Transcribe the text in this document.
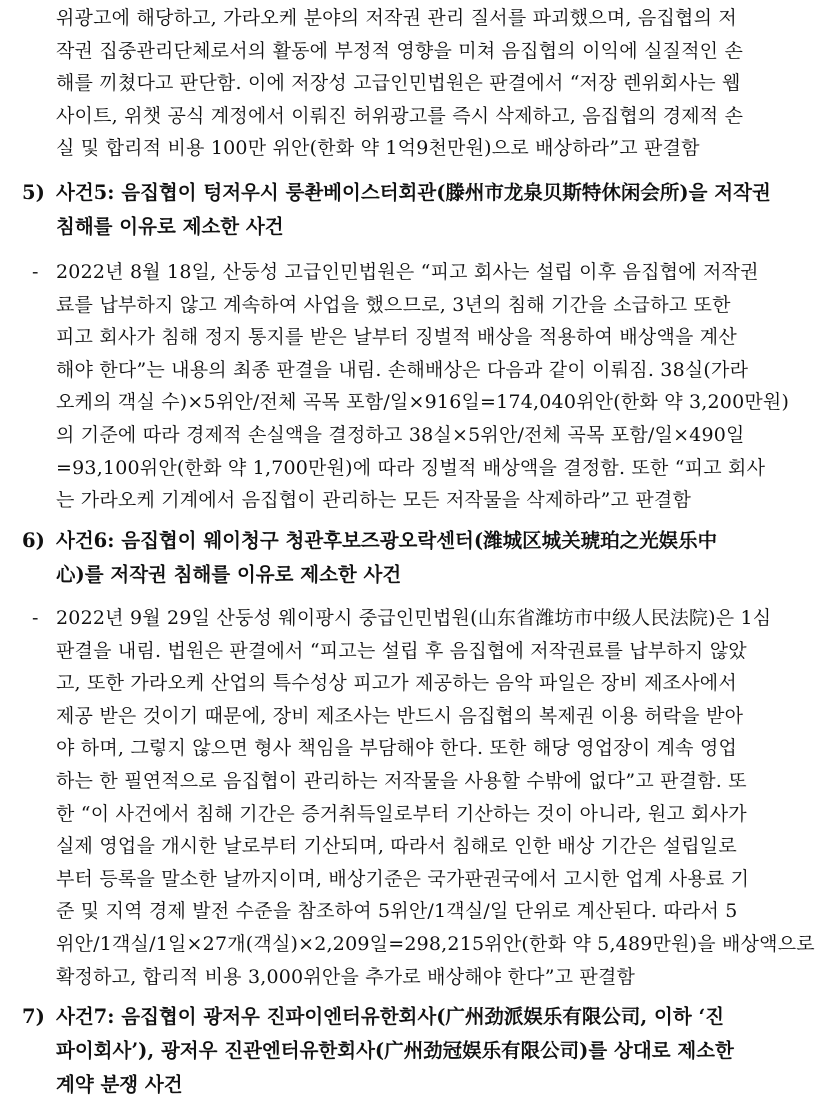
위광고에 해당하고, 가라오케 분야의 저작권 관리 질서를 파괴했으며, 음집협의 저
작권 집중관리단체로서의 활동에 부정적 영향을 미쳐 음집협의 이익에 실질적인 손
해를 끼쳤다고 판단함. 이에 저장성 고급인민법원은 판결에서 “저장 렌위회사는 웹
사이트, 위챗 공식 계정에서 이뤄진 허위광고를 즉시 삭제하고, 음집협의 경제적 손
실 및 합리적 비용 100만 위안(한화 약 1억9천만원)으로 배상하라”고 판결함
5) 사건5: 음집협이 텅저우시 룽촨베이스터회관(滕州市龙泉贝斯特休闲会所)을 저작권
침해를 이유로 제소한 사건
- 2022년 8월 18일, 산둥성 고급인민법원은 “피고 회사는 설립 이후 음집협에 저작권
료를 납부하지 않고 계속하여 사업을 했으므로, 3년의 침해 기간을 소급하고 또한
피고 회사가 침해 정지 통지를 받은 날부터 징벌적 배상을 적용하여 배상액을 계산
해야 한다”는 내용의 최종 판결을 내림. 손해배상은 다음과 같이 이뤄짐. 38실(가라
오케의 객실 수)×5위안/전체 곡목 포함/일×916일=174,040위안(한화 약 3,200만원)
의 기준에 따라 경제적 손실액을 결정하고 38실×5위안/전체 곡목 포함/일×490일
=93,100위안(한화 약 1,700만원)에 따라 징벌적 배상액을 결정함. 또한 “피고 회사
는 가라오케 기계에서 음집협이 관리하는 모든 저작물을 삭제하라”고 판결함
6) 사건6: 음집협이 웨이청구 청관후보즈광오락센터(潍城区城关琥珀之光娱乐中
心)를 저작권 침해를 이유로 제소한 사건
- 2022년 9월 29일 산둥성 웨이팡시 중급인민법원(山东省潍坊市中级人民法院)은 1심
판결을 내림. 법원은 판결에서 “피고는 설립 후 음집협에 저작권료를 납부하지 않았
고, 또한 가라오케 산업의 특수성상 피고가 제공하는 음악 파일은 장비 제조사에서
제공 받은 것이기 때문에, 장비 제조사는 반드시 음집협의 복제권 이용 허락을 받아
야 하며, 그렇지 않으면 형사 책임을 부담해야 한다. 또한 해당 영업장이 계속 영업
하는 한 필연적으로 음집협이 관리하는 저작물을 사용할 수밖에 없다”고 판결함. 또
한 “이 사건에서 침해 기간은 증거취득일로부터 기산하는 것이 아니라, 원고 회사가
실제 영업을 개시한 날로부터 기산되며, 따라서 침해로 인한 배상 기간은 설립일로
부터 등록을 말소한 날까지이며, 배상기준은 국가판권국에서 고시한 업계 사용료 기
준 및 지역 경제 발전 수준을 참조하여 5위안/1객실/일 단위로 계산된다. 따라서 5
위안/1객실/1일×27개(객실)×2,209일=298,215위안(한화 약 5,489만원)을 배상액으로
확정하고, 합리적 비용 3,000위안을 추가로 배상해야 한다”고 판결함
7) 사건7: 음집협이 광저우 진파이엔터유한회사(广州劲派娱乐有限公司, 이하 ‘진
파이회사’), 광저우 진관엔터유한회사(广州劲冠娱乐有限公司)를 상대로 제소한
계약 분쟁 사건
